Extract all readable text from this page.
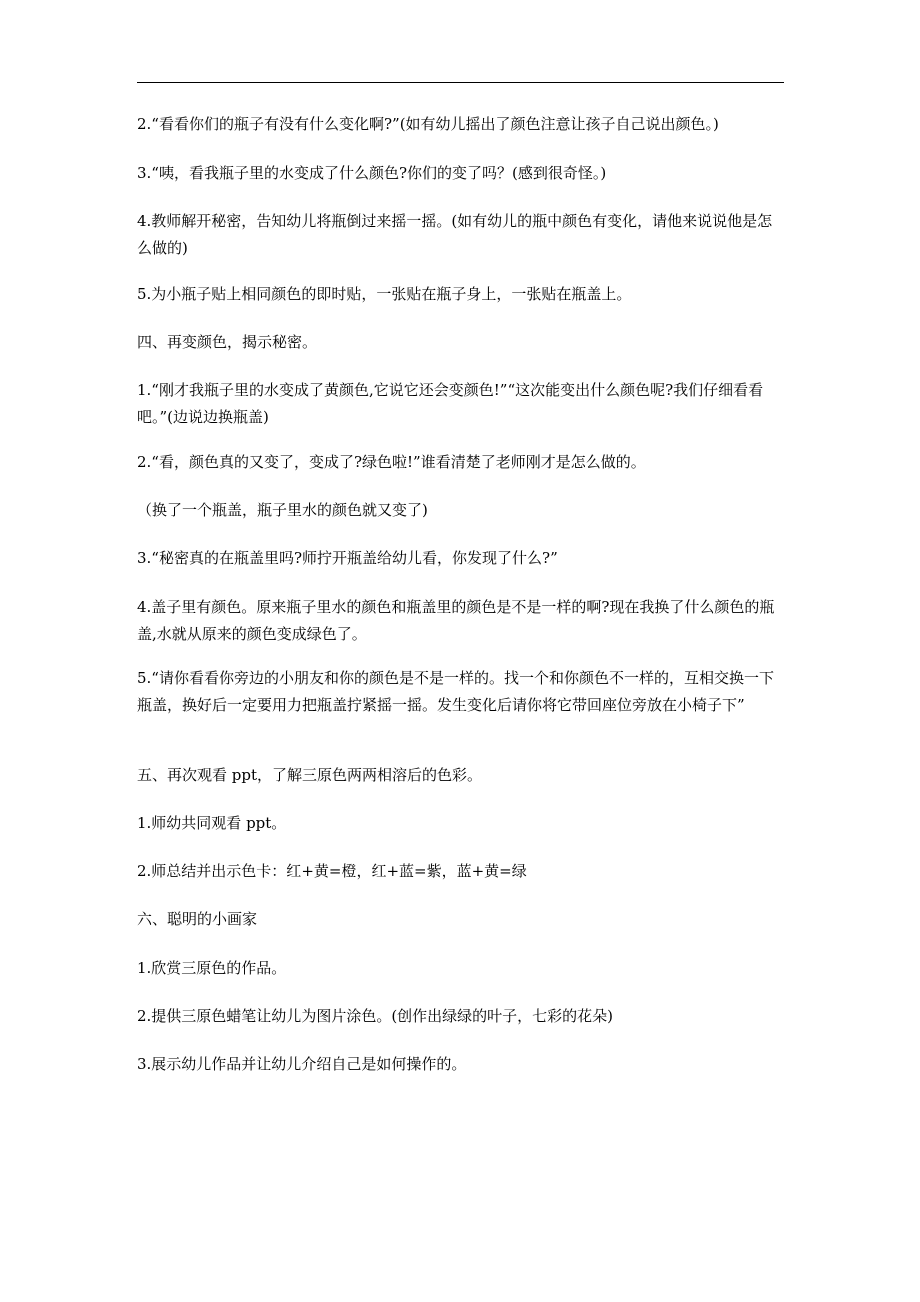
2.“看看你们的瓶子有没有什么变化啊?”(如有幼儿摇出了颜色注意让孩子自己说出颜色。)
3.“咦，看我瓶子里的水变成了什么颜色?你们的变了吗？(感到很奇怪。)
4.教师解开秘密，告知幼儿将瓶倒过来摇一摇。(如有幼儿的瓶中颜色有变化，请他来说说他是怎么做的)
5.为小瓶子贴上相同颜色的即时贴，一张贴在瓶子身上，一张贴在瓶盖上。
四、再变颜色，揭示秘密。
1.“刚才我瓶子里的水变成了黄颜色,它说它还会变颜色!”“这次能变出什么颜色呢?我们仔细看看吧。”(边说边换瓶盖)
2.“看，颜色真的又变了，变成了?绿色啦!”谁看清楚了老师刚才是怎么做的。
（换了一个瓶盖，瓶子里水的颜色就又变了)
3.“秘密真的在瓶盖里吗?师拧开瓶盖给幼儿看，你发现了什么?”
4.盖子里有颜色。原来瓶子里水的颜色和瓶盖里的颜色是不是一样的啊?现在我换了什么颜色的瓶盖,水就从原来的颜色变成绿色了。
5.“请你看看你旁边的小朋友和你的颜色是不是一样的。找一个和你颜色不一样的，互相交换一下瓶盖，换好后一定要用力把瓶盖拧紧摇一摇。发生变化后请你将它带回座位旁放在小椅子下”
五、再次观看 ppt，了解三原色两两相溶后的色彩。
1.师幼共同观看 ppt。
2.师总结并出示色卡：红+黄=橙，红+蓝=紫，蓝+黄=绿
六、聪明的小画家
1.欣赏三原色的作品。
2.提供三原色蜡笔让幼儿为图片涂色。(创作出绿绿的叶子，七彩的花朵)
3.展示幼儿作品并让幼儿介绍自己是如何操作的。
